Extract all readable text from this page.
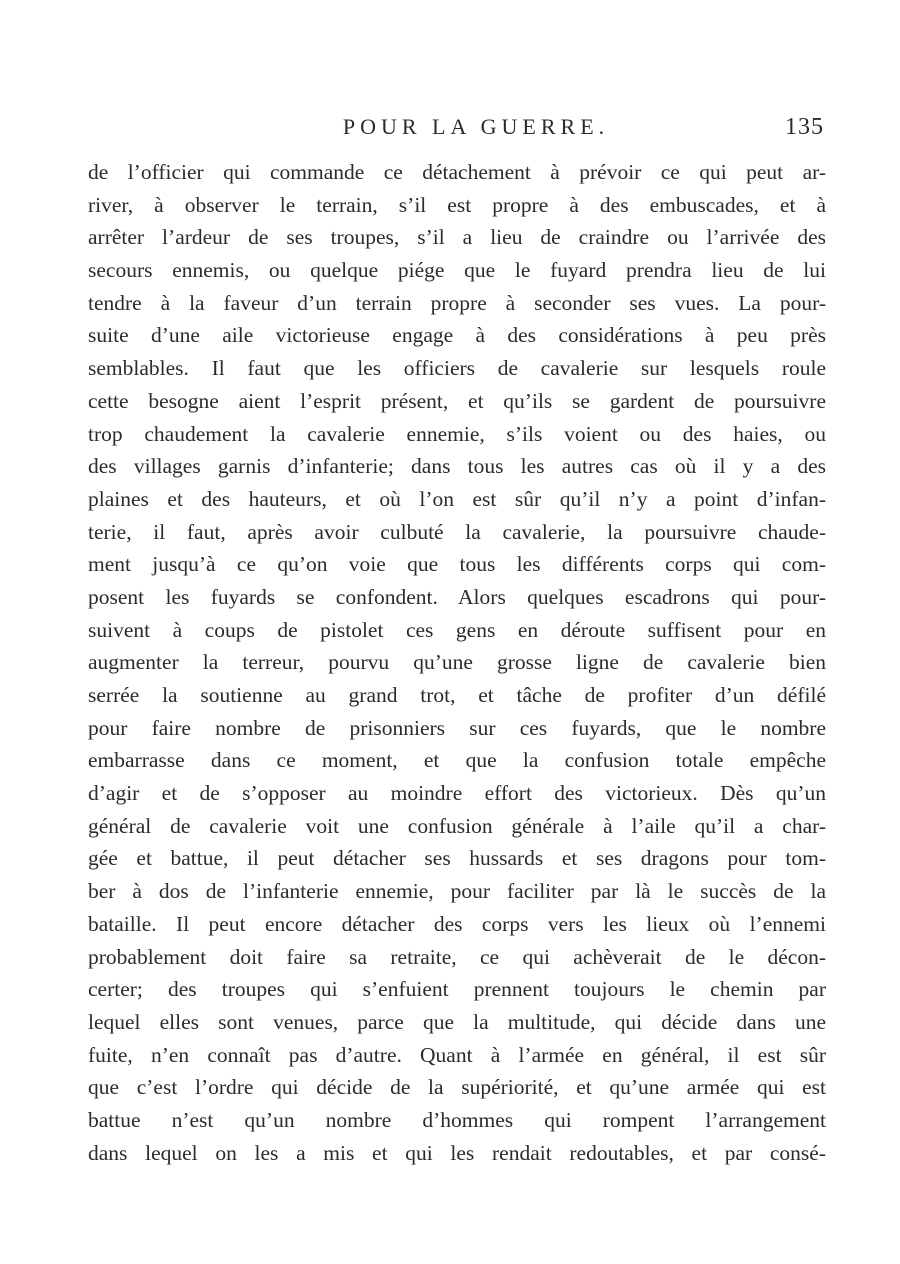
POUR LA GUERRE.	135
de l’officier qui commande ce détachement à prévoir ce qui peut ar-
river, à observer le terrain, s’il est propre à des embuscades, et à
arrêter l’ardeur de ses troupes, s’il a lieu de craindre ou l’arrivée des
secours ennemis, ou quelque piége que le fuyard prendra lieu de lui
tendre à la faveur d’un terrain propre à seconder ses vues. La pour-
suite d’une aile victorieuse engage à des considérations à peu près
semblables. Il faut que les officiers de cavalerie sur lesquels roule
cette besogne aient l’esprit présent, et qu’ils se gardent de poursuivre
trop chaudement la cavalerie ennemie, s’ils voient ou des haies, ou
des villages garnis d’infanterie; dans tous les autres cas où il y a des
plaines et des hauteurs, et où l’on est sûr qu’il n’y a point d’infan-
terie, il faut, après avoir culbuté la cavalerie, la poursuivre chaude-
ment jusqu’à ce qu’on voie que tous les différents corps qui com-
posent les fuyards se confondent. Alors quelques escadrons qui pour-
suivent à coups de pistolet ces gens en déroute suffisent pour en
augmenter la terreur, pourvu qu’une grosse ligne de cavalerie bien
serrée la soutienne au grand trot, et tâche de profiter d’un défilé
pour faire nombre de prisonniers sur ces fuyards, que le nombre
embarrasse dans ce moment, et que la confusion totale empêche
d’agir et de s’opposer au moindre effort des victorieux. Dès qu’un
général de cavalerie voit une confusion générale à l’aile qu’il a char-
gée et battue, il peut détacher ses hussards et ses dragons pour tom-
ber à dos de l’infanterie ennemie, pour faciliter par là le succès de la
bataille. Il peut encore détacher des corps vers les lieux où l’ennemi
probablement doit faire sa retraite, ce qui achèverait de le décon-
certer; des troupes qui s’enfuient prennent toujours le chemin par
lequel elles sont venues, parce que la multitude, qui décide dans une
fuite, n’en connaît pas d’autre. Quant à l’armée en général, il est sûr
que c’est l’ordre qui décide de la supériorité, et qu’une armée qui est
battue n’est qu’un nombre d’hommes qui rompent l’arrangement
dans lequel on les a mis et qui les rendait redoutables, et par consé-
